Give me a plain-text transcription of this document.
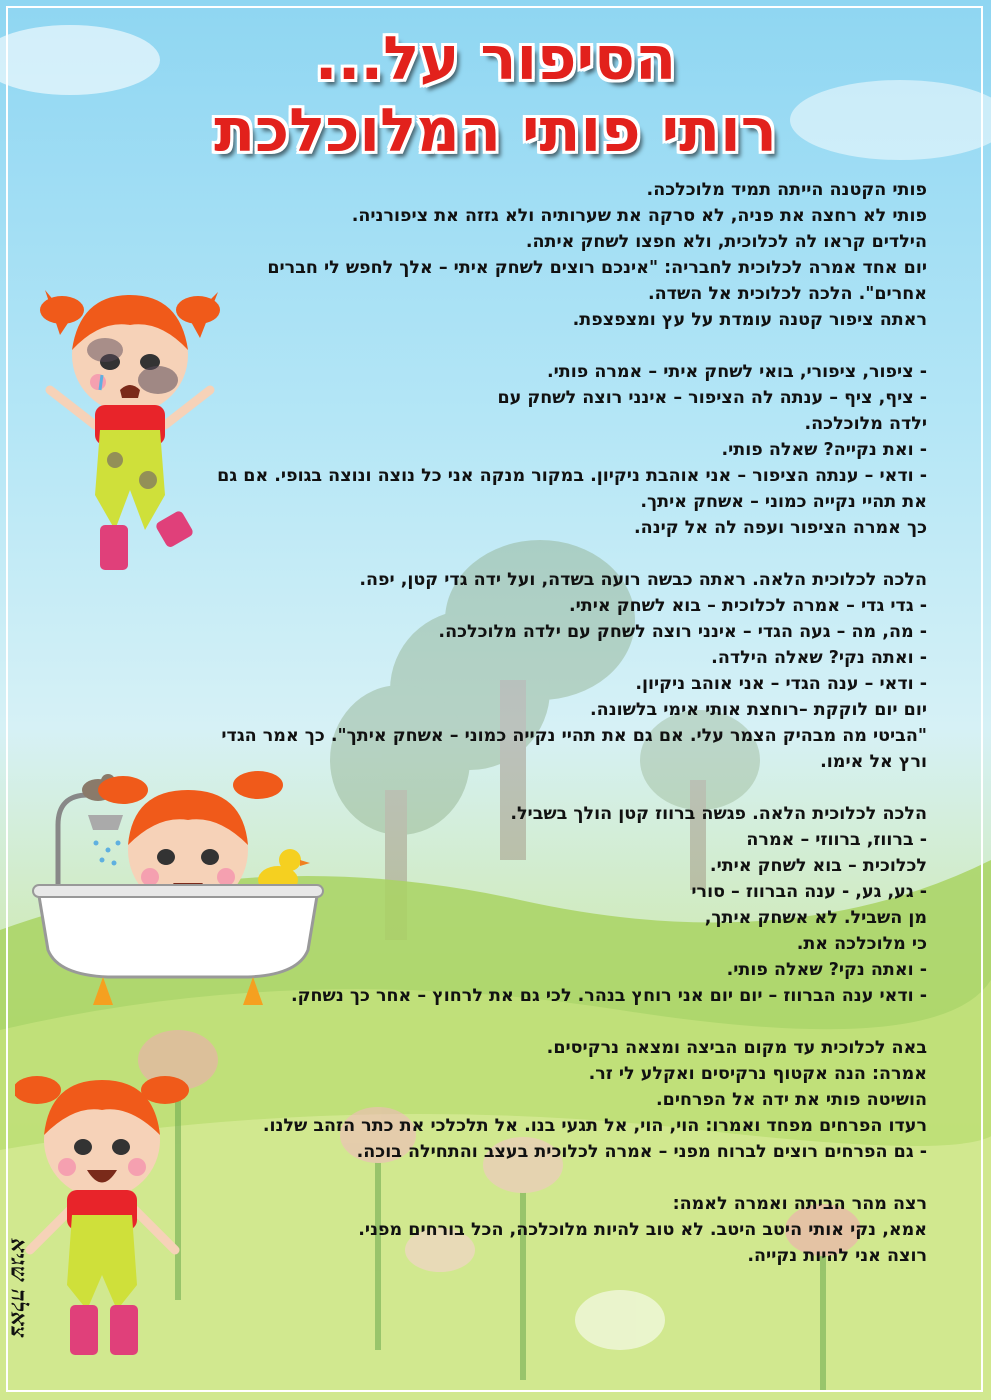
הסיפור על...
רותי פותי המלוכלכת
צאלה שגיא
פותי הקטנה הייתה תמיד מלוכלכה.
פותי לא רחצה את פניה, לא סרקה את שערותיה ולא גזזה את ציפורניה.
הילדים קראו לה לכלוכית, ולא חפצו לשחק איתה.
יום אחד אמרה לכלוכית לחבריה: "אינכם רוצים לשחק איתי – אלך לחפש לי חברים
אחרים". הלכה לכלוכית אל השדה.
ראתה ציפור קטנה עומדת על עץ ומצפצפת.
- ציפור, ציפורי, בואי לשחק איתי – אמרה פותי.
- ציף, ציף – ענתה לה הציפור – אינני רוצה לשחק עם
ילדה מלוכלכה.
- ואת נקייה? שאלה פותי.
- ודאי – ענתה הציפור – אני אוהבת ניקיון. במקור מנקה אני כל נוצה ונוצה בגופי. אם גם
את תהיי נקייה כמוני – אשחק איתך.
כך אמרה הציפור ועפה לה אל קינה.
הלכה לכלוכית הלאה. ראתה כבשה רועה בשדה, ועל ידה גדי קטן, יפה.
- גדי גדי – אמרה לכלוכית – בוא לשחק איתי.
- מה, מה – געה הגדי – אינני רוצה לשחק עם ילדה מלוכלכה.
- ואתה נקי? שאלה הילדה.
- ודאי – ענה הגדי – אני אוהב ניקיון.
יום יום לוקקת –רוחצת אותי אימי בלשונה.
"הביטי מה מבהיק הצמר עלי. אם גם את תהיי נקייה כמוני – אשחק איתך". כך אמר הגדי
ורץ אל אימו.
הלכה לכלוכית הלאה. פגשה ברווז קטן הולך בשביל.
- ברווז, ברווזי – אמרה
לכלוכית – בוא לשחק איתי.
- גע, גע, - ענה הברווז – סורי
מן השביל. לא אשחק איתך,
כי מלוכלכה את.
- ואתה נקי? שאלה פותי.
- ודאי ענה הברווז – יום יום אני רוחץ בנהר. לכי גם את לרחוץ – אחר כך נשחק.
באה לכלוכית עד מקום הביצה ומצאה נרקיסים.
אמרה: הנה אקטוף נרקיסים ואקלע לי זר.
הושיטה פותי את ידה אל הפרחים.
רעדו הפרחים מפחד ואמרו: הוי, הוי, אל תגעי בנו. אל תלכלכי את כתר הזהב שלנו.
- גם הפרחים רוצים לברוח מפני – אמרה לכלוכית בעצב והתחילה בוכה.
רצה מהר הביתה ואמרה לאמה:
אמא, נקי אותי היטב היטב. לא טוב להיות מלוכלכה, הכל בורחים מפני.
רוצה אני להיות נקייה.
